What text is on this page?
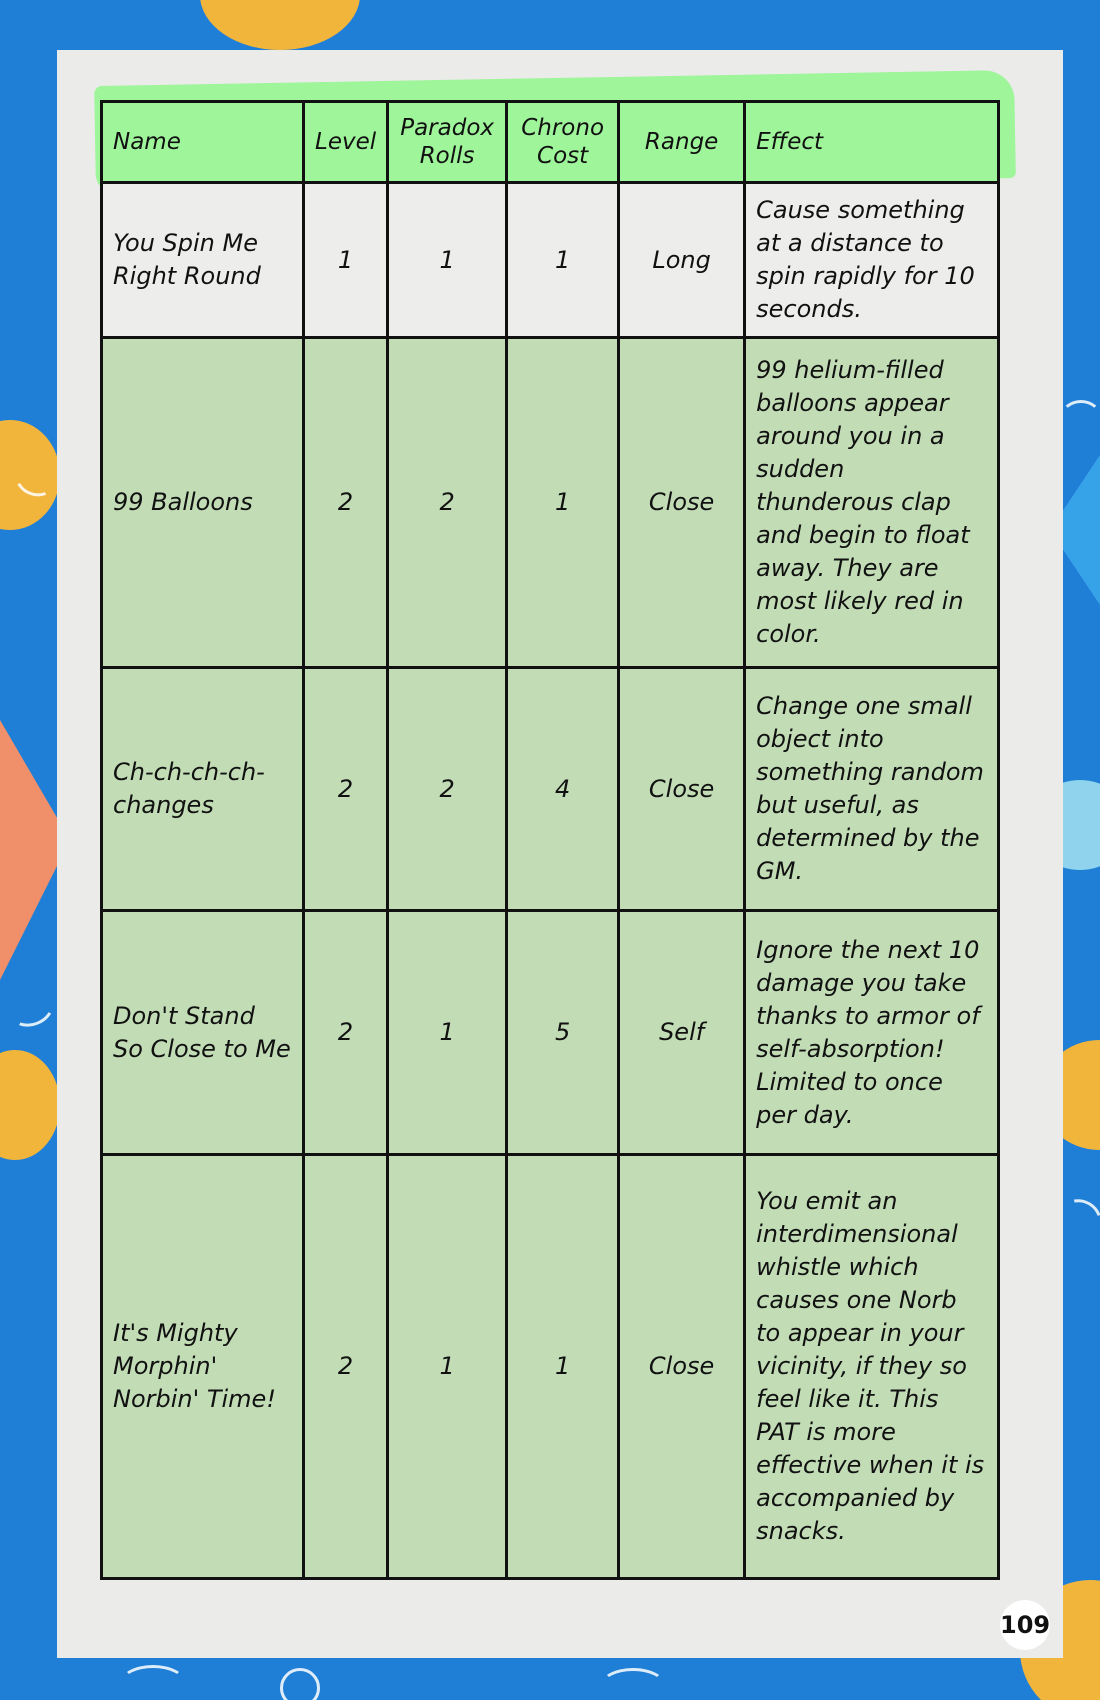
Name	Level	Paradox Rolls	Chrono Cost	Range	Effect
You Spin Me Right Round	1	1	1	Long	Cause something at a distance to spin rapidly for 10 seconds.
99 Balloons	2	2	1	Close	99 helium-filled balloons appear around you in a sudden thunderous clap and begin to float away. They are most likely red in color.
Ch-ch-ch-ch-changes	2	2	4	Close	Change one small object into something random but useful, as determined by the GM.
Don't Stand So Close to Me	2	1	5	Self	Ignore the next 10 damage you take thanks to armor of self-absorption! Limited to once per day.
It's Mighty Morphin' Norbin' Time!	2	1	1	Close	You emit an interdimensional whistle which causes one Norb to appear in your vicinity, if they so feel like it. This PAT is more effective when it is accompanied by snacks.
109
